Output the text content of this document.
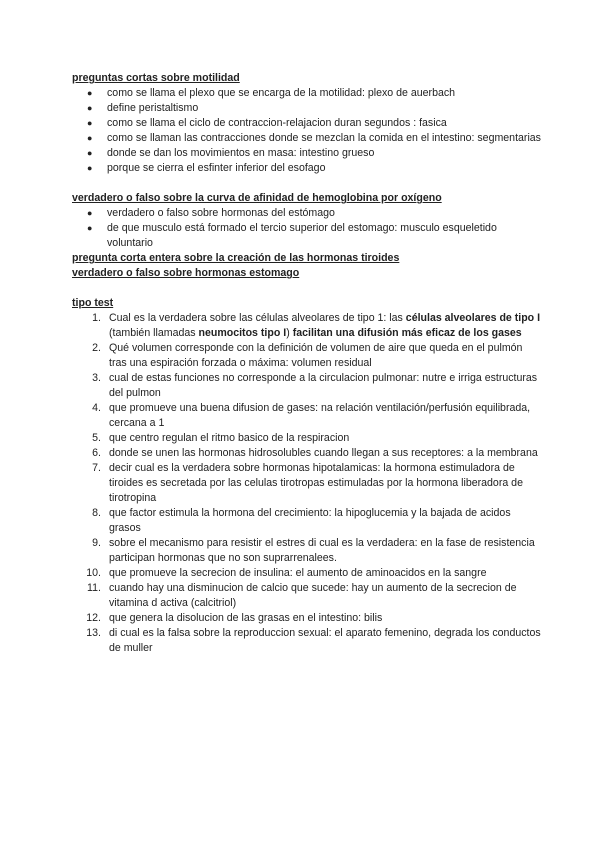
preguntas cortas sobre motilidad

● como se llama el plexo que se encarga de la motilidad: plexo de auerbach
● define peristaltismo
● como se llama el ciclo de contraccion-relajacion duran segundos : fasica
● como se llaman las contracciones donde se mezclan la comida en el intestino: segmentarias
● donde se dan los movimientos en masa: intestino grueso
● porque se cierra el esfinter inferior del esofago

verdadero o falso sobre la curva de afinidad de hemoglobina por oxígeno

● verdadero o falso sobre hormonas del estómago
● de que musculo está formado el tercio superior del estomago: musculo esqueletido voluntario

pregunta corta entera sobre la creación de las hormonas tiroides

verdadero o falso sobre hormonas estomago

tipo test

1. Cual es la verdadera sobre las células alveolares de tipo 1: las células alveolares de tipo I (también llamadas neumocitos tipo I) facilitan una difusión más eficaz de los gases
2. Qué volumen corresponde con la definición de volumen de aire que queda en el pulmón tras una espiración forzada o máxima: volumen residual
3. cual de estas funciones no corresponde a la circulacion pulmonar: nutre e irriga estructuras del pulmon
4. que promueve una buena difusion de gases: na relación ventilación/perfusión equilibrada, cercana a 1
5. que centro regulan el ritmo basico de la respiracion
6. donde se unen las hormonas hidrosolubles cuando llegan a sus receptores: a la membrana
7. decir cual es la verdadera sobre hormonas hipotalamicas: la hormona estimuladora de tiroides es secretada por las celulas tirotropas estimuladas por la hormona liberadora de tirotropina
8. que factor estimula la hormona del crecimiento: la hipoglucemia y la bajada de acidos grasos
9. sobre el mecanismo para resistir el estres di cual es la verdadera: en la fase de resistencia participan hormonas que no son suprarrenalees.
10. que promueve la secrecion de insulina: el aumento de aminoacidos en la sangre
11. cuando hay una disminucion de calcio que sucede: hay un aumento de la secrecion de vitamina d activa (calcitriol)
12. que genera la disolucion de las grasas en el intestino: bilis
13. di cual es la falsa sobre la reproduccion sexual: el aparato femenino, degrada los conductos de muller
